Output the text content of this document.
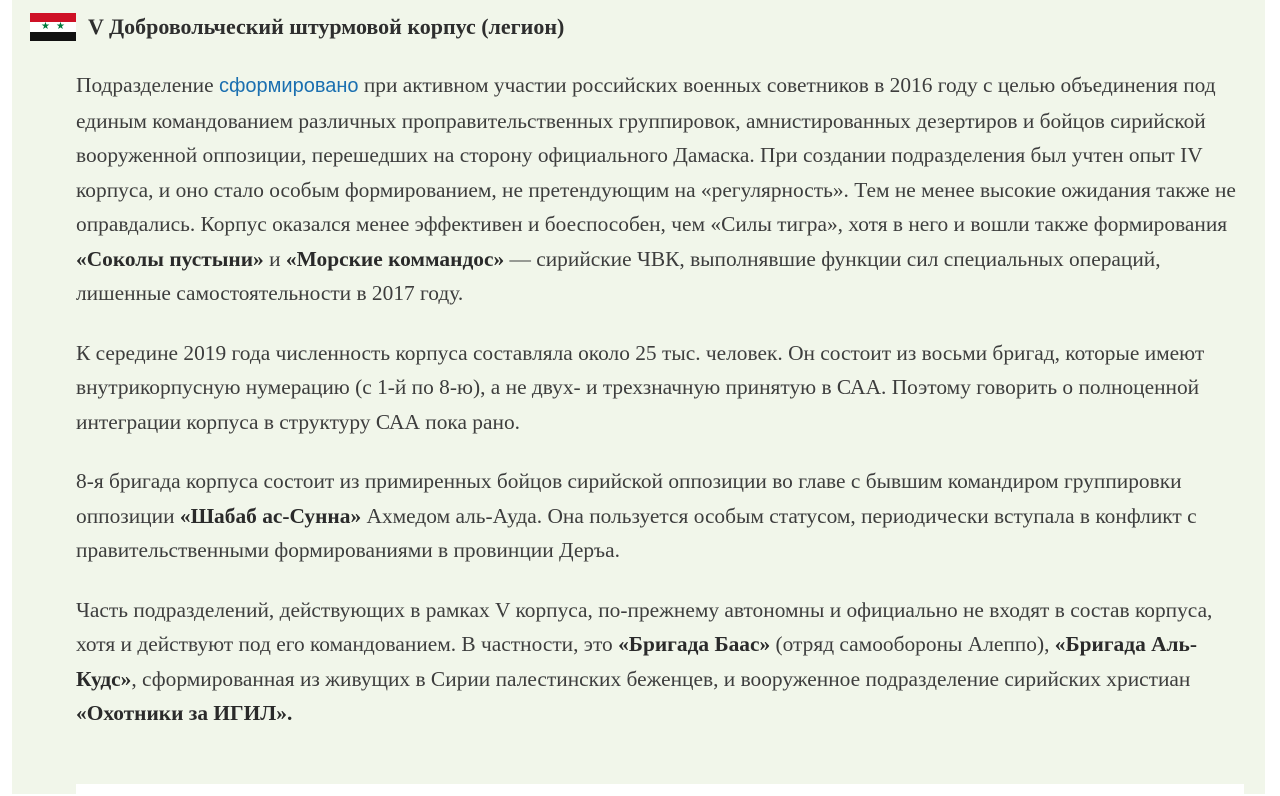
★ ★ V Добровольческий штурмовой корпус (легион)

Подразделение сформировано при активном участии российских военных советников в 2016 году с целью объединения под единым командованием различных проправительственных группировок, амнистированных дезертиров и бойцов сирийской вооруженной оппозиции, перешедших на сторону официального Дамаска. При создании подразделения был учтен опыт IV корпуса, и оно стало особым формированием, не претендующим на «регулярность». Тем не менее высокие ожидания также не оправдались. Корпус оказался менее эффективен и боеспособен, чем «Силы тигра», хотя в него и вошли также формирования «Соколы пустыни» и «Морские коммандос» — сирийские ЧВК, выполнявшие функции сил специальных операций, лишенные самостоятельности в 2017 году.

К середине 2019 года численность корпуса составляла около 25 тыс. человек. Он состоит из восьми бригад, которые имеют внутрикорпусную нумерацию (с 1-й по 8-ю), а не двух- и трехзначную принятую в САА. Поэтому говорить о полноценной интеграции корпуса в структуру САА пока рано.

8-я бригада корпуса состоит из примиренных бойцов сирийской оппозиции во главе с бывшим командиром группировки оппозиции «Шабаб ас-Сунна» Ахмедом аль-Ауда. Она пользуется особым статусом, периодически вступала в конфликт с правительственными формированиями в провинции Деръа.

Часть подразделений, действующих в рамках V корпуса, по-прежнему автономны и официально не входят в состав корпуса, хотя и действуют под его командованием. В частности, это «Бригада Баас» (отряд самообороны Алеппо), «Бригада Аль-Кудс», сформированная из живущих в Сирии палестинских беженцев, и вооруженное подразделение сирийских христиан «Охотники за ИГИЛ».
